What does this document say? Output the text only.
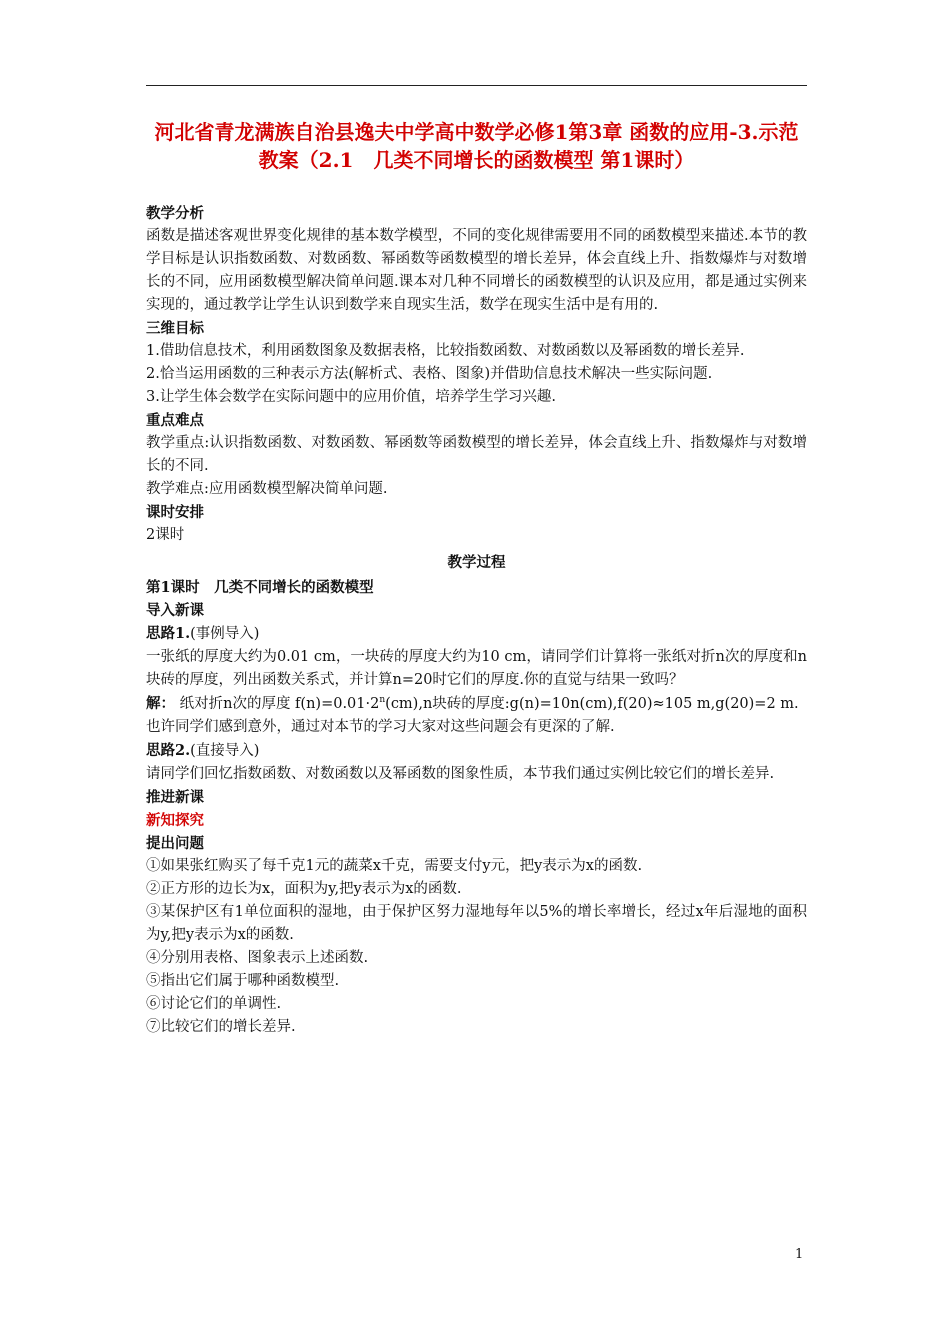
河北省青龙满族自治县逸夫中学高中数学必修1第3章 函数的应用-3.示范教案（2.1　几类不同增长的函数模型 第1课时）

教学分析

函数是描述客观世界变化规律的基本数学模型，不同的变化规律需要用不同的函数模型来描述.本节的教学目标是认识指数函数、对数函数、幂函数等函数模型的增长差异，体会直线上升、指数爆炸与对数增长的不同，应用函数模型解决简单问题.课本对几种不同增长的函数模型的认识及应用，都是通过实例来实现的，通过教学让学生认识到数学来自现实生活，数学在现实生活中是有用的.

三维目标

1.借助信息技术，利用函数图象及数据表格，比较指数函数、对数函数以及幂函数的增长差异.

2.恰当运用函数的三种表示方法(解析式、表格、图象)并借助信息技术解决一些实际问题.

3.让学生体会数学在实际问题中的应用价值，培养学生学习兴趣.

重点难点

教学重点:认识指数函数、对数函数、幂函数等函数模型的增长差异，体会直线上升、指数爆炸与对数增长的不同.

教学难点:应用函数模型解决简单问题.

课时安排

2课时

教学过程

第1课时　几类不同增长的函数模型

导入新课

思路1.(事例导入)

一张纸的厚度大约为0.01 cm，一块砖的厚度大约为10 cm，请同学们计算将一张纸对折n次的厚度和n块砖的厚度，列出函数关系式，并计算n=20时它们的厚度.你的直觉与结果一致吗？

解： 纸对折n次的厚度 $f(n)=0.01\cdot 2^n(cm),n$块砖的厚度:g(n)=10n(cm),f(20)≈105 m,g(20)=2 m.

也许同学们感到意外，通过对本节的学习大家对这些问题会有更深的了解.

思路2.(直接导入)

请同学们回忆指数函数、对数函数以及幂函数的图象性质，本节我们通过实例比较它们的增长差异.

推进新课

新知探究

提出问题

①如果张红购买了每千克1元的蔬菜x千克，需要支付y元，把y表示为x的函数.

②正方形的边长为x，面积为y,把y表示为x的函数.

③某保护区有1单位面积的湿地，由于保护区努力湿地每年以5%的增长率增长，经过x年后湿地的面积为y,把y表示为x的函数.

④分别用表格、图象表示上述函数.

⑤指出它们属于哪种函数模型.

⑥讨论它们的单调性.

⑦比较它们的增长差异.

1
